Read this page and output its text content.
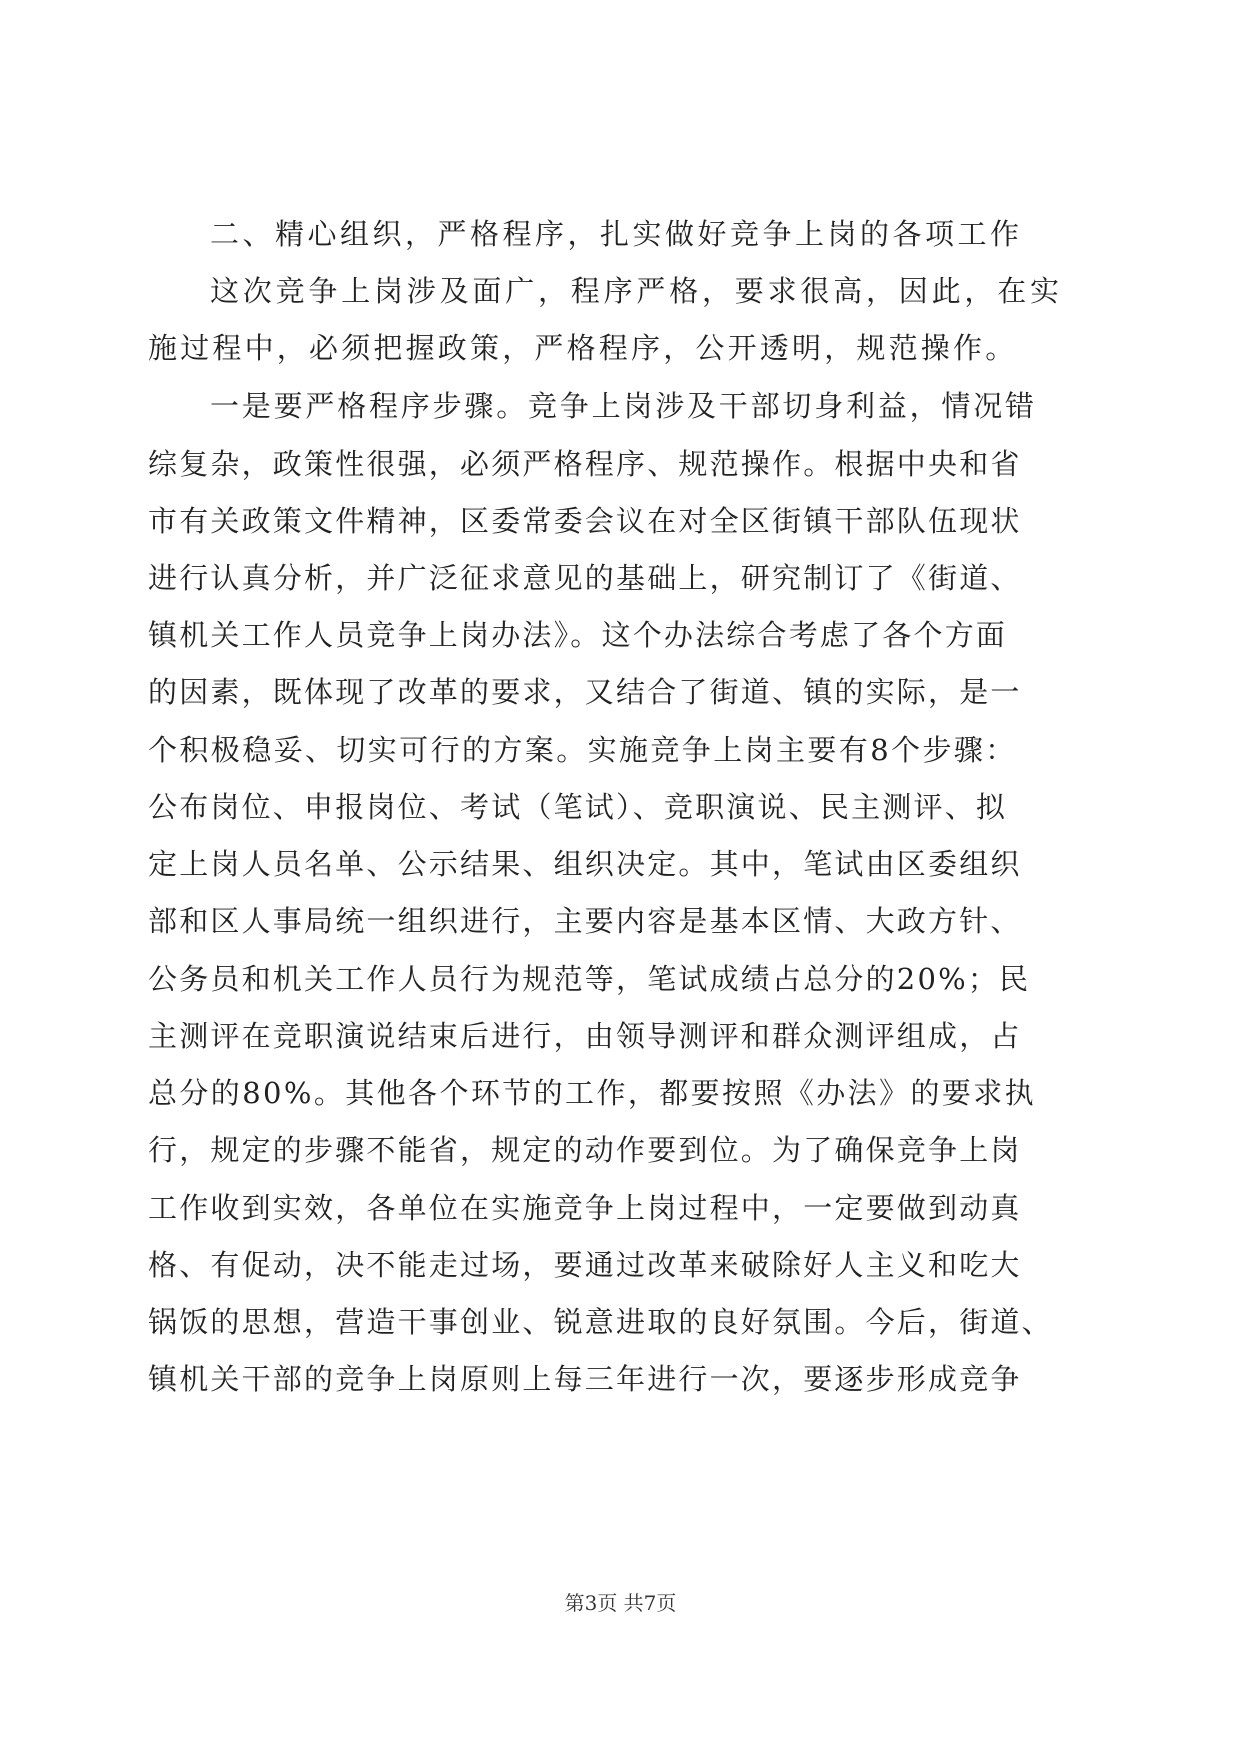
二、精心组织，严格程序，扎实做好竞争上岗的各项工作
这次竞争上岗涉及面广，程序严格，要求很高，因此，在实
施过程中，必须把握政策，严格程序，公开透明，规范操作。
一是要严格程序步骤。竞争上岗涉及干部切身利益，情况错
综复杂，政策性很强，必须严格程序、规范操作。根据中央和省
市有关政策文件精神，区委常委会议在对全区街镇干部队伍现状
进行认真分析，并广泛征求意见的基础上，研究制订了《街道、
镇机关工作人员竞争上岗办法》。这个办法综合考虑了各个方面
的因素，既体现了改革的要求，又结合了街道、镇的实际，是一
个积极稳妥、切实可行的方案。实施竞争上岗主要有8个步骤：
公布岗位、申报岗位、考试（笔试）、竞职演说、民主测评、拟
定上岗人员名单、公示结果、组织决定。其中，笔试由区委组织
部和区人事局统一组织进行，主要内容是基本区情、大政方针、
公务员和机关工作人员行为规范等，笔试成绩占总分的20%；民
主测评在竞职演说结束后进行，由领导测评和群众测评组成，占
总分的80%。其他各个环节的工作，都要按照《办法》的要求执
行，规定的步骤不能省，规定的动作要到位。为了确保竞争上岗
工作收到实效，各单位在实施竞争上岗过程中，一定要做到动真
格、有促动，决不能走过场，要通过改革来破除好人主义和吃大
锅饭的思想，营造干事创业、锐意进取的良好氛围。今后，街道、
镇机关干部的竞争上岗原则上每三年进行一次，要逐步形成竞争
第3页 共7页
